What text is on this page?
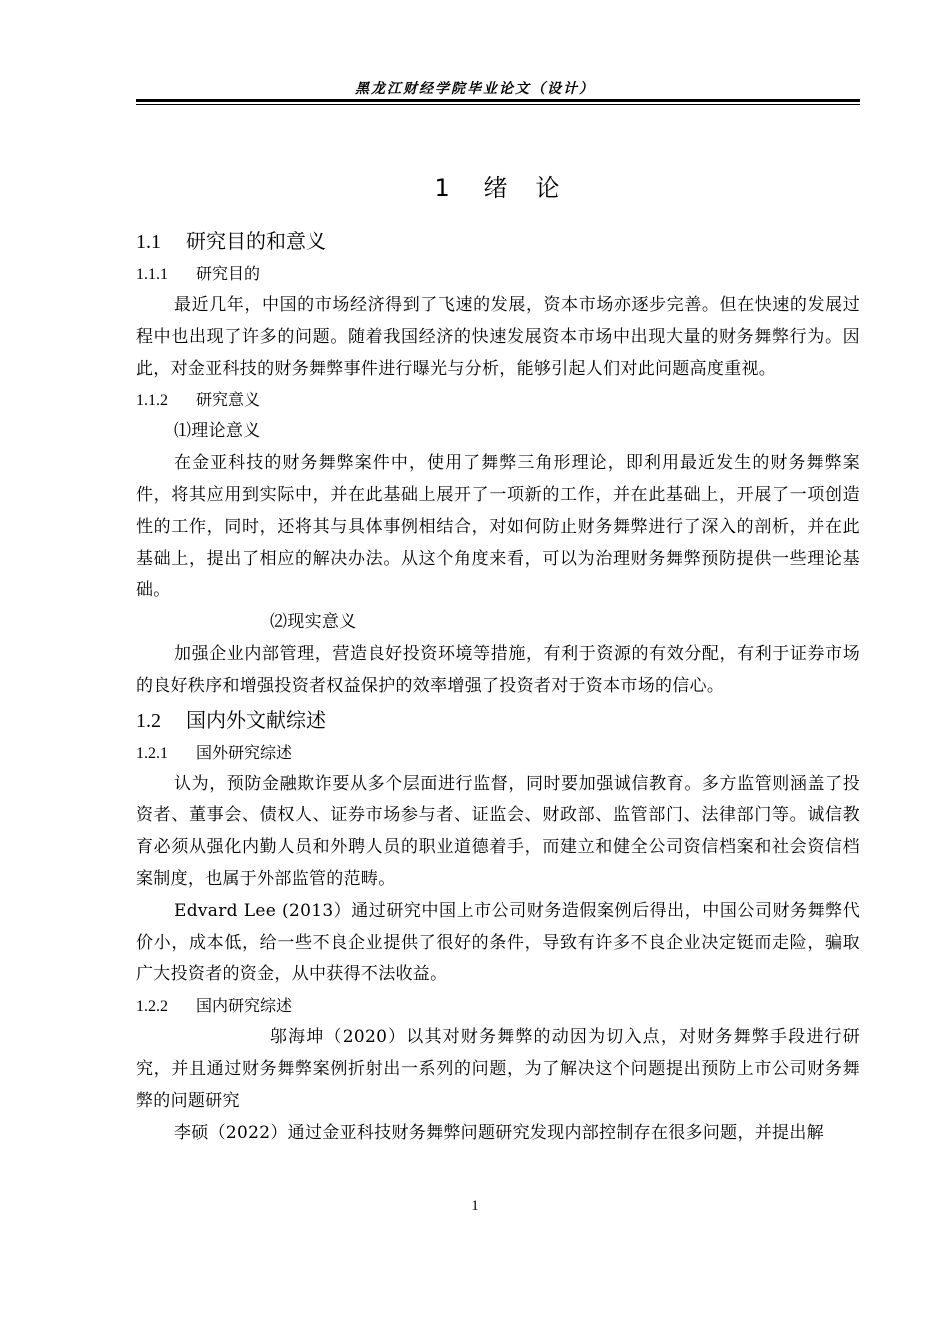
黑龙江财经学院毕业论文（设计）
1 绪　论
1.1 研究目的和意义
1.1.1 研究目的

最近几年，中国的市场经济得到了飞速的发展，资本市场亦逐步完善。但在快速的发展过程中也出现了许多的问题。随着我国经济的快速发展资本市场中出现大量的财务舞弊行为。因此，对金亚科技的财务舞弊事件进行曝光与分析，能够引起人们对此问题高度重视。

1.1.2 研究意义

⑴理论意义

在金亚科技的财务舞弊案件中，使用了舞弊三角形理论，即利用最近发生的财务舞弊案件，将其应用到实际中，并在此基础上展开了一项新的工作，并在此基础上，开展了一项创造性的工作，同时，还将其与具体事例相结合，对如何防止财务舞弊进行了深入的剖析，并在此基础上，提出了相应的解决办法。从这个角度来看，可以为治理财务舞弊预防提供一些理论基础。

⑵现实意义

加强企业内部管理，营造良好投资环境等措施，有利于资源的有效分配，有利于证券市场的良好秩序和增强投资者权益保护的效率增强了投资者对于资本市场的信心。

1.2 国内外文献综述
1.2.1 国外研究综述

认为，预防金融欺诈要从多个层面进行监督，同时要加强诚信教育。多方监管则涵盖了投资者、董事会、债权人、证券市场参与者、证监会、财政部、监管部门、法律部门等。诚信教育必须从强化内勤人员和外聘人员的职业道德着手，而建立和健全公司资信档案和社会资信档案制度，也属于外部监管的范畴。

Edvard Lee (2013）通过研究中国上市公司财务造假案例后得出，中国公司财务舞弊代价小，成本低，给一些不良企业提供了很好的条件，导致有许多不良企业决定铤而走险，骗取广大投资者的资金，从中获得不法收益。

1.2.2 国内研究综述

邬海坤（2020）以其对财务舞弊的动因为切入点，对财务舞弊手段进行研究，并且通过财务舞弊案例折射出一系列的问题，为了解决这个问题提出预防上市公司财务舞弊的问题研究

李硕（2022）通过金亚科技财务舞弊问题研究发现内部控制存在很多问题，并提出解

1
